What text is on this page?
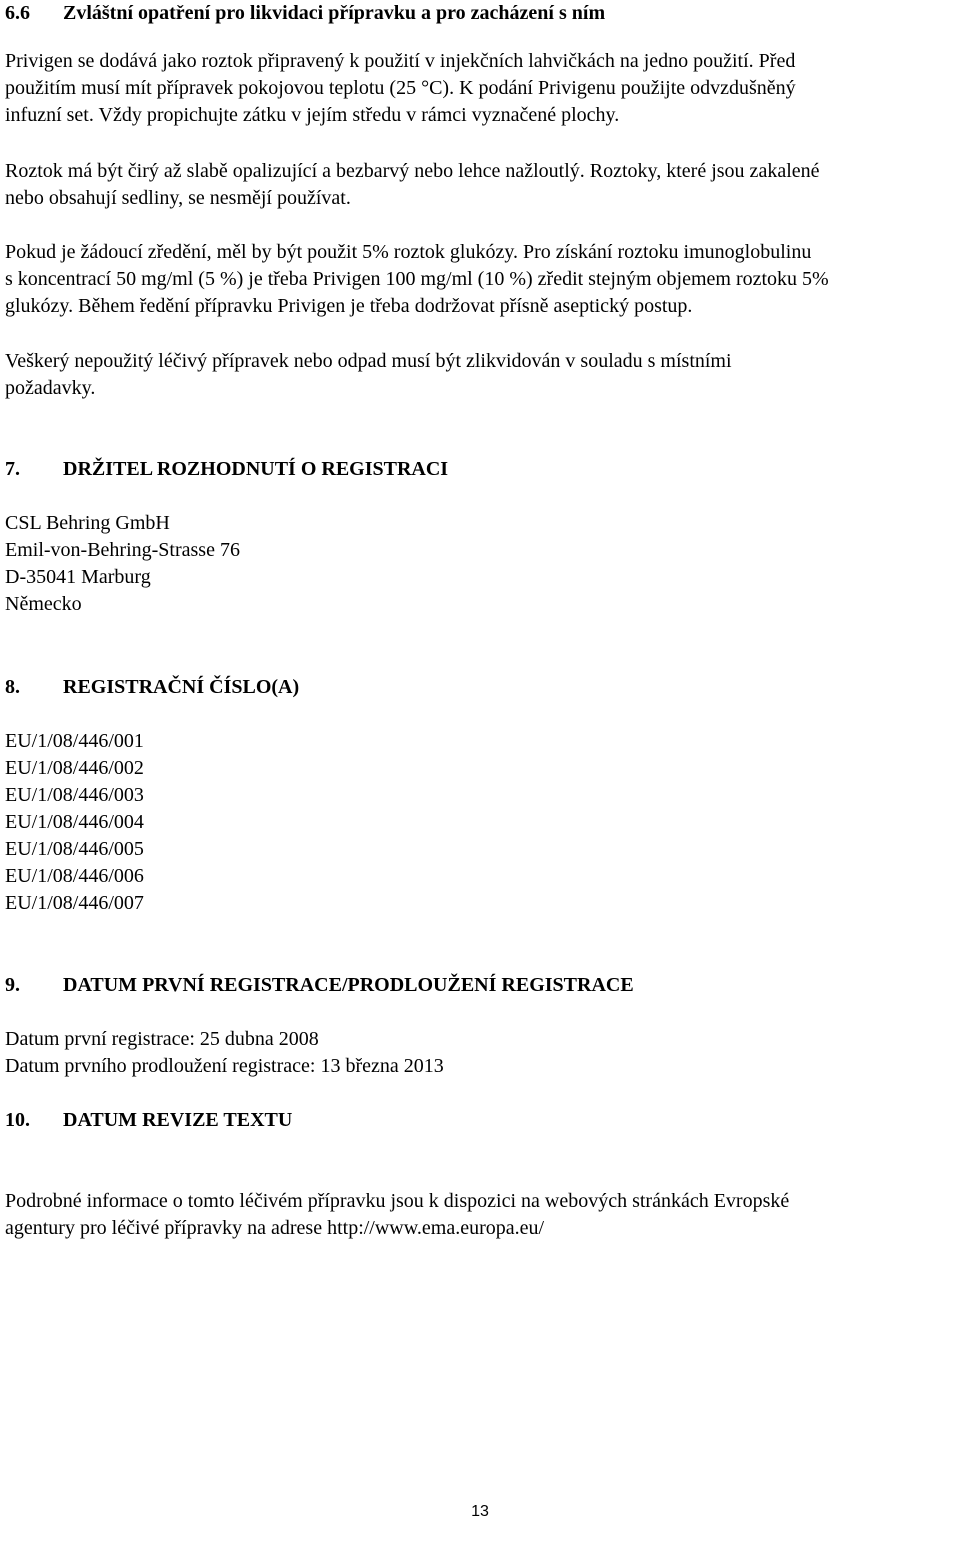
6.6 Zvláštní opatření pro likvidaci přípravku a pro zacházení s ním
Privigen se dodává jako roztok připravený k použití v injekčních lahvičkách na jedno použití. Před
použitím musí mít přípravek pokojovou teplotu (25 °C). K podání Privigenu použijte odvzdušněný
infuzní set. Vždy propichujte zátku v jejím středu v rámci vyznačené plochy.
Roztok má být čirý až slabě opalizující a bezbarvý nebo lehce nažloutlý. Roztoky, které jsou zakalené
nebo obsahují sedliny, se nesmějí používat.
Pokud je žádoucí zředění, měl by být použit 5% roztok glukózy. Pro získání roztoku imunoglobulinu
s koncentrací 50 mg/ml (5 %) je třeba Privigen 100 mg/ml (10 %) zředit stejným objemem roztoku 5%
glukózy. Během ředění přípravku Privigen je třeba dodržovat přísně aseptický postup.
Veškerý nepoužitý léčivý přípravek nebo odpad musí být zlikvidován v souladu s místními
požadavky.
7. DRŽITEL ROZHODNUTÍ O REGISTRACI
CSL Behring GmbH
Emil-von-Behring-Strasse 76
D-35041 Marburg
Německo
8. REGISTRAČNÍ ČÍSLO(A)
EU/1/08/446/001
EU/1/08/446/002
EU/1/08/446/003
EU/1/08/446/004
EU/1/08/446/005
EU/1/08/446/006
EU/1/08/446/007
9. DATUM PRVNÍ REGISTRACE/PRODLOUŽENÍ REGISTRACE
Datum první registrace: 25 dubna 2008
Datum prvního prodloužení registrace: 13 března 2013
10. DATUM REVIZE TEXTU
Podrobné informace o tomto léčivém přípravku jsou k dispozici na webových stránkách Evropské
agentury pro léčivé přípravky na adrese http://www.ema.europa.eu/
13
